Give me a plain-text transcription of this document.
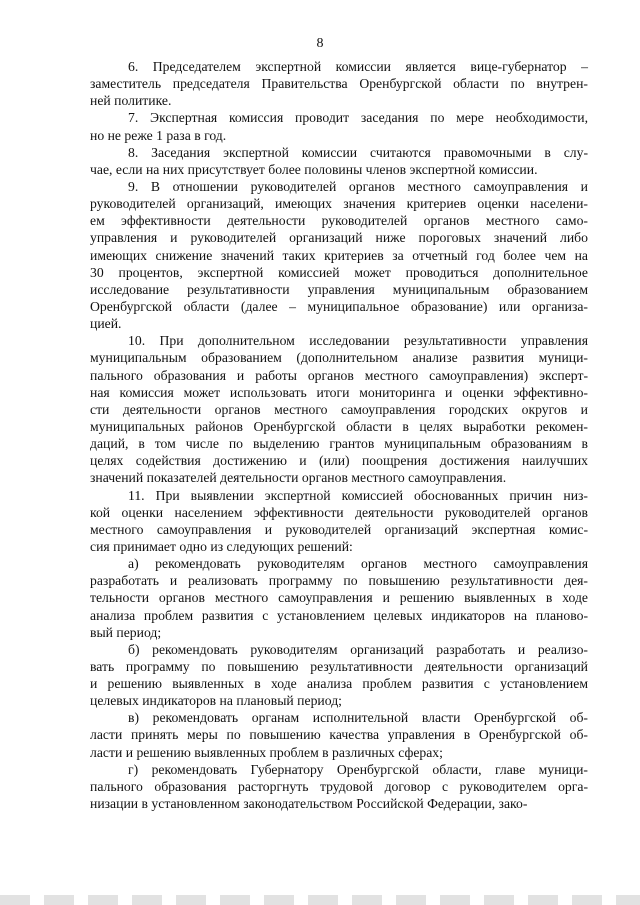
8
6. Председателем экспертной комиссии является вице-губернатор –
заместитель председателя Правительства Оренбургской области по внутрен-
ней политике.
7. Экспертная комиссия проводит заседания по мере необходимости,
но не реже 1 раза в год.
8. Заседания экспертной комиссии считаются правомочными в слу-
чае, если на них присутствует более половины членов экспертной комиссии.
9. В отношении руководителей органов местного самоуправления и
руководителей организаций, имеющих значения критериев оценки населени-
ем эффективности деятельности руководителей органов местного само-
управления и руководителей организаций ниже пороговых значений либо
имеющих снижение значений таких критериев за отчетный год более чем на
30 процентов, экспертной комиссией может проводиться дополнительное
исследование результативности управления муниципальным образованием
Оренбургской области (далее – муниципальное образование) или организа-
цией.
10. При дополнительном исследовании результативности управления
муниципальным образованием (дополнительном анализе развития муници-
пального образования и работы органов местного самоуправления) эксперт-
ная комиссия может использовать итоги мониторинга и оценки эффективно-
сти деятельности органов местного самоуправления городских округов и
муниципальных районов Оренбургской области в целях выработки рекомен-
даций, в том числе по выделению грантов муниципальным образованиям в
целях содействия достижению и (или) поощрения достижения наилучших
значений показателей деятельности органов местного самоуправления.
11. При выявлении экспертной комиссией обоснованных причин низ-
кой оценки населением эффективности деятельности руководителей органов
местного самоуправления и руководителей организаций экспертная комис-
сия принимает одно из следующих решений:
а) рекомендовать руководителям органов местного самоуправления
разработать и реализовать программу по повышению результативности дея-
тельности органов местного самоуправления и решению выявленных в ходе
анализа проблем развития с установлением целевых индикаторов на планово-
вый период;
б) рекомендовать руководителям организаций разработать и реализо-
вать программу по повышению результативности деятельности организаций
и решению выявленных в ходе анализа проблем развития с установлением
целевых индикаторов на плановый период;
в) рекомендовать органам исполнительной власти Оренбургской об-
ласти принять меры по повышению качества управления в Оренбургской об-
ласти и решению выявленных проблем в различных сферах;
г) рекомендовать Губернатору Оренбургской области, главе муници-
пального образования расторгнуть трудовой договор с руководителем орга-
низации в установленном законодательством Российской Федерации, зако-
